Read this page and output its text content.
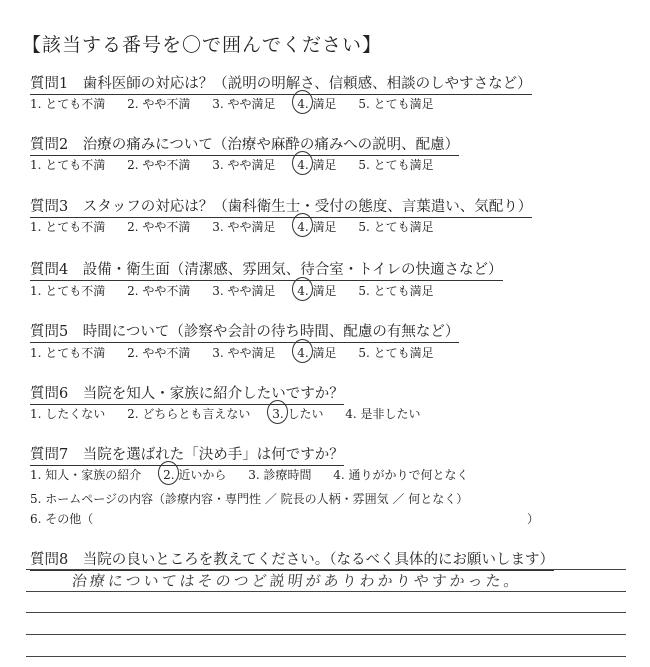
【該当する番号を〇で囲んでください】
質問1　歯科医師の対応は？（説明の明解さ、信頼感、相談のしやすさなど）
1. とても不満 2. やや不満 3. やや満足 4. 満足 5. とても満足
質問2　治療の痛みについて（治療や麻酔の痛みへの説明、配慮）
1. とても不満 2. やや不満 3. やや満足 4. 満足 5. とても満足
質問3　スタッフの対応は？（歯科衛生士・受付の態度、言葉遣い、気配り）
1. とても不満 2. やや不満 3. やや満足 4. 満足 5. とても満足
質問4　設備・衛生面（清潔感、雰囲気、待合室・トイレの快適さなど）
1. とても不満 2. やや不満 3. やや満足 4. 満足 5. とても満足
質問5　時間について（診察や会計の待ち時間、配慮の有無など）
1. とても不満 2. やや不満 3. やや満足 4. 満足 5. とても満足
質問6　当院を知人・家族に紹介したいですか？
1. したくない 2. どちらとも言えない 3. したい 4. 是非したい
質問7　当院を選ばれた「決め手」は何ですか？
1. 知人・家族の紹介 2. 近いから 3. 診療時間 4. 通りがかりで何となく
5. ホームページの内容（診療内容・専門性 ／ 院長の人柄・雰囲気 ／ 何となく）
6. その他（	）
質問8　当院の良いところを教えてください。（なるべく具体的にお願いします）
治療についてはそのつど説明がありわかりやすかった。
